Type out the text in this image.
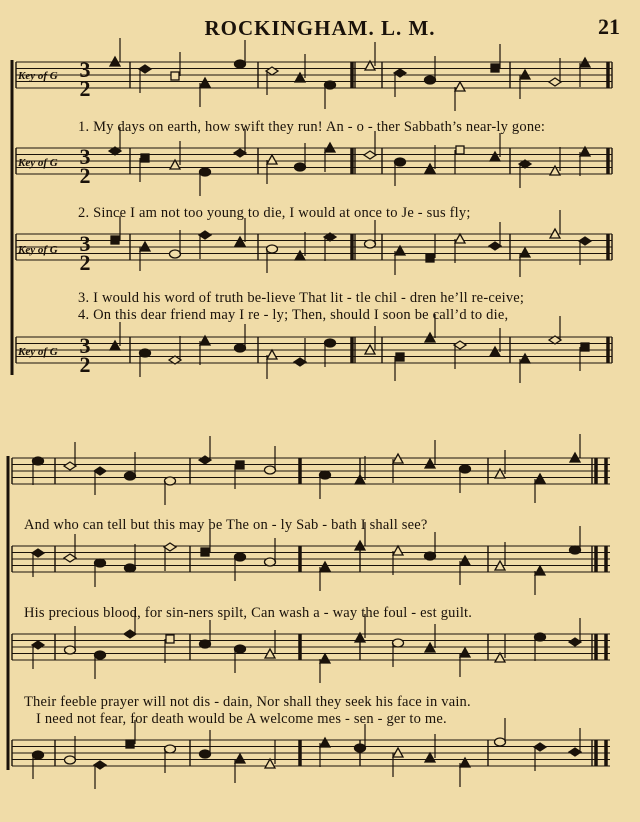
ROCKINGHAM. L. M.	21
Key of G
Key of G
Key of G
Key of G
3
2
3
2
3
2
3
2
1. My days on earth, how swift they run! An - o - ther Sabbath’s near-ly gone:
2. Since I am not too young to die, I would at once to Je - sus fly;
3. I would his word of truth be-lieve That lit - tle chil - dren he’ll re-ceive;
4. On this dear friend may I re - ly; Then, should I soon be call’d to die,
And who can tell but this may be The on - ly Sab - bath I shall see?
His precious blood, for sin-ners spilt, Can wash a - way the foul - est guilt.
Their feeble prayer will not dis - dain, Nor shall they seek his face in vain.
I need not fear, for death would be A welcome mes - sen - ger to me.
